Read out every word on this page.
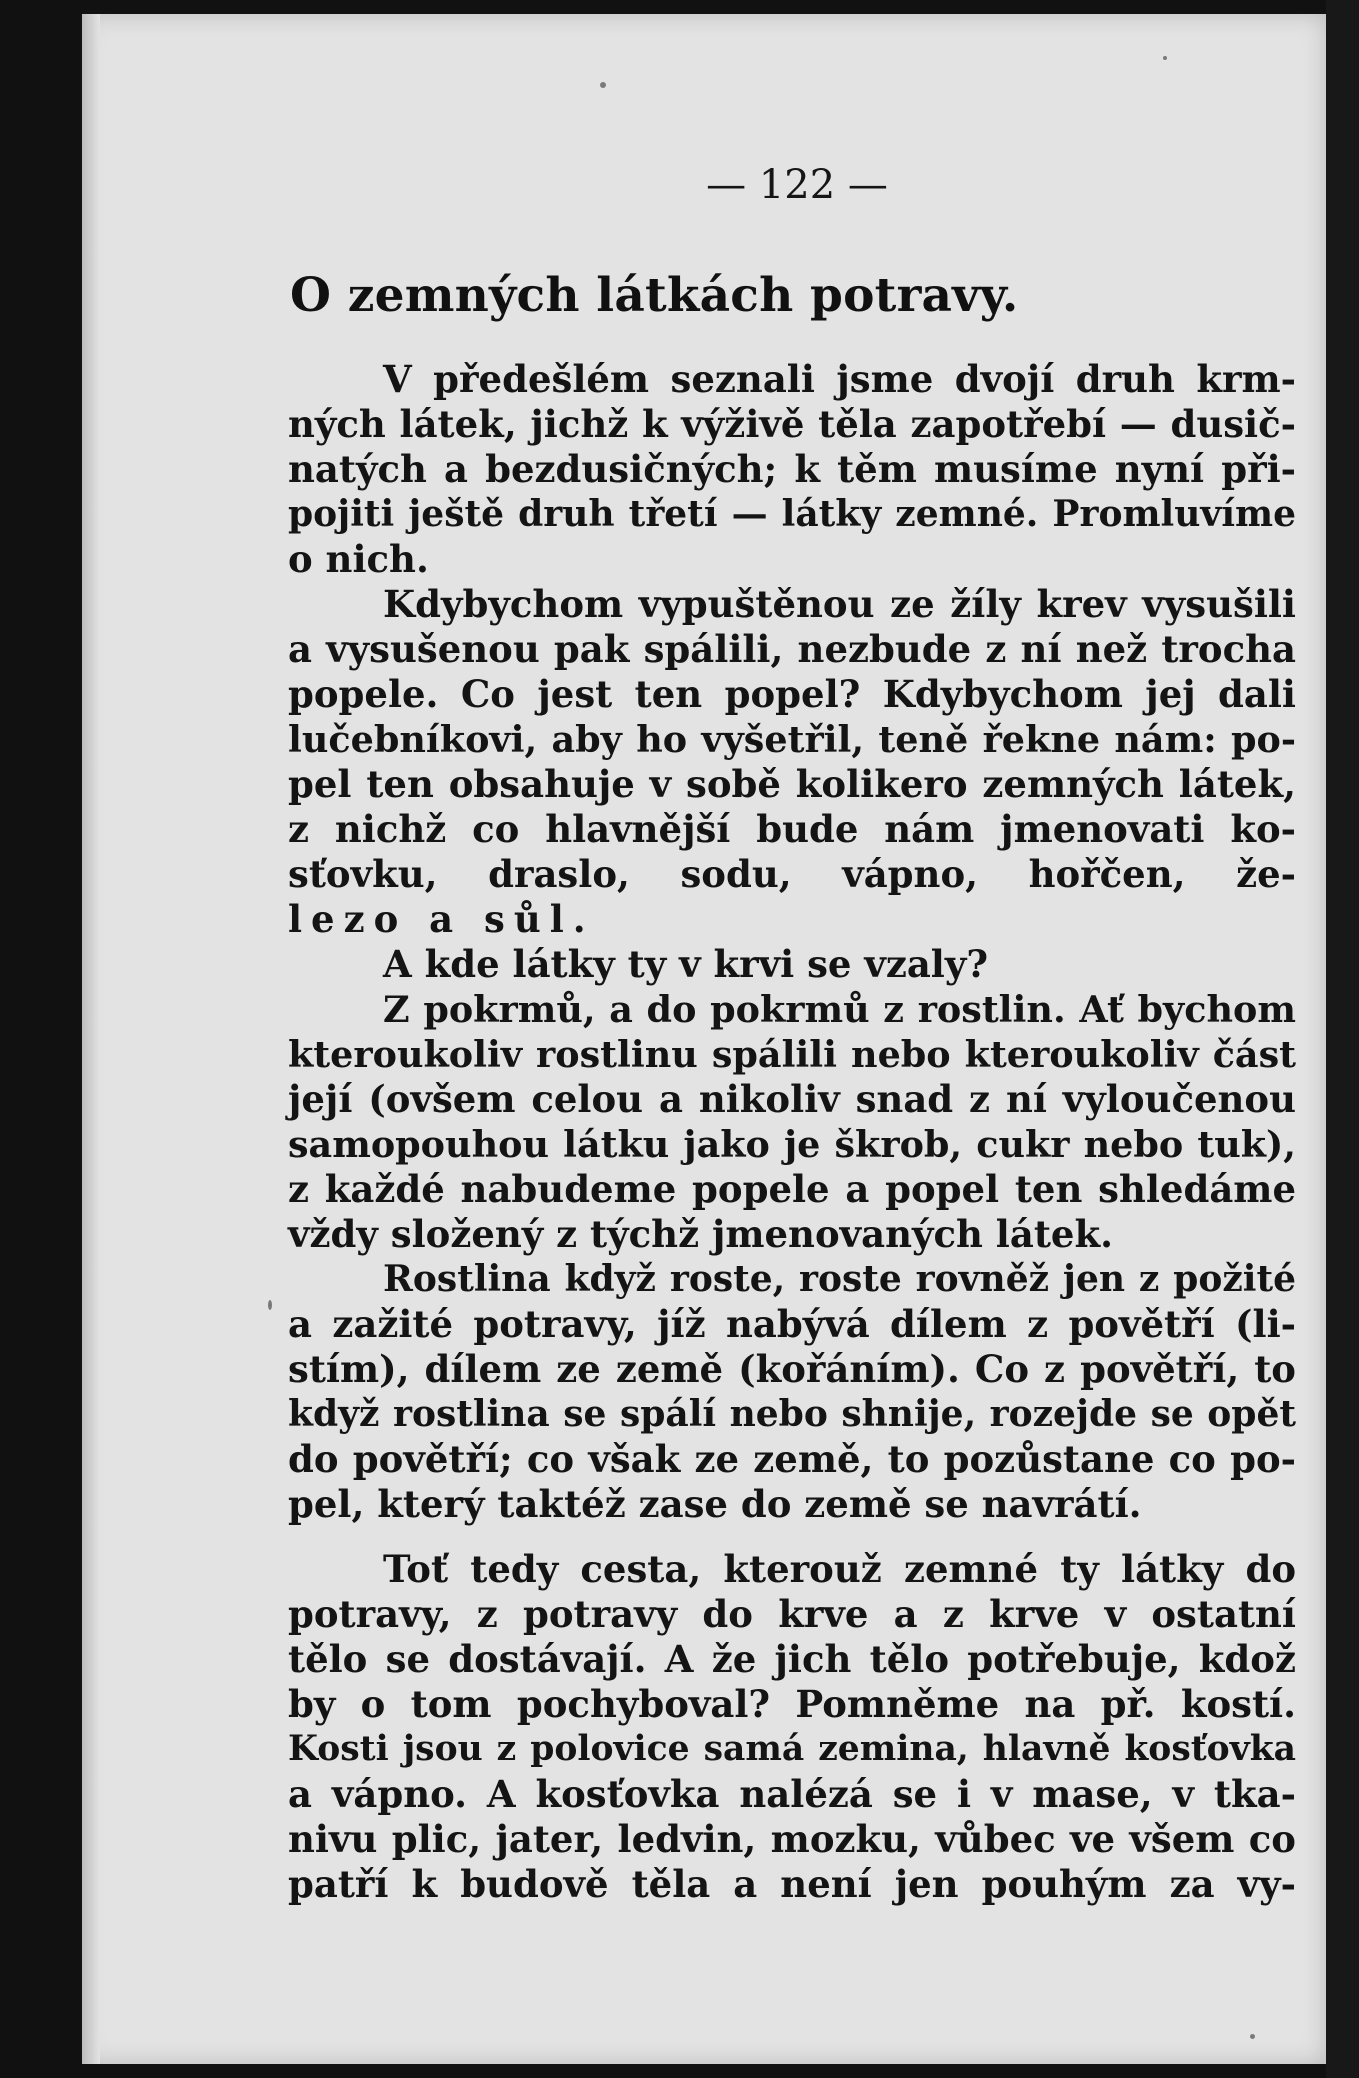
— 122 —
O zemných látkách potravy.
V předešlém seznali jsme dvojí druh krm-
ných látek, jichž k výživě těla zapotřebí — dusič-
natých a bezdusičných; k těm musíme nyní při-
pojiti ještě druh třetí — látky zemné. Promluvíme
o nich.
Kdybychom vypuštěnou ze žíly krev vysušili
a vysušenou pak spálili, nezbude z ní než trocha
popele. Co jest ten popel? Kdybychom jej dali
lučebníkovi, aby ho vyšetřil, teně řekne nám: po-
pel ten obsahuje v sobě kolikero zemných látek,
z nichž co hlavnější bude nám jmenovati ko-
sťovku, draslo, sodu, vápno, hořčen, že-
lezo a sůl.
A kde látky ty v krvi se vzaly?
Z pokrmů, a do pokrmů z rostlin. Ať bychom
kteroukoliv rostlinu spálili nebo kteroukoliv část
její (ovšem celou a nikoliv snad z ní vyloučenou
samopouhou látku jako je škrob, cukr nebo tuk),
z každé nabudeme popele a popel ten shledáme
vždy složený z týchž jmenovaných látek.
Rostlina když roste, roste rovněž jen z požité
a zažité potravy, jíž nabývá dílem z povětří (li-
stím), dílem ze země (kořáním). Co z povětří, to
když rostlina se spálí nebo shnije, rozejde se opět
do povětří; co však ze země, to pozůstane co po-
pel, který taktéž zase do země se navrátí.
Toť tedy cesta, kterouž zemné ty látky do
potravy, z potravy do krve a z krve v ostatní
tělo se dostávají. A že jich tělo potřebuje, kdož
by o tom pochyboval? Pomněme na př. kostí.
Kosti jsou z polovice samá zemina, hlavně kosťovka
a vápno. A kosťovka nalézá se i v mase, v tka-
nivu plic, jater, ledvin, mozku, vůbec ve všem co
patří k budově těla a není jen pouhým za vy-
